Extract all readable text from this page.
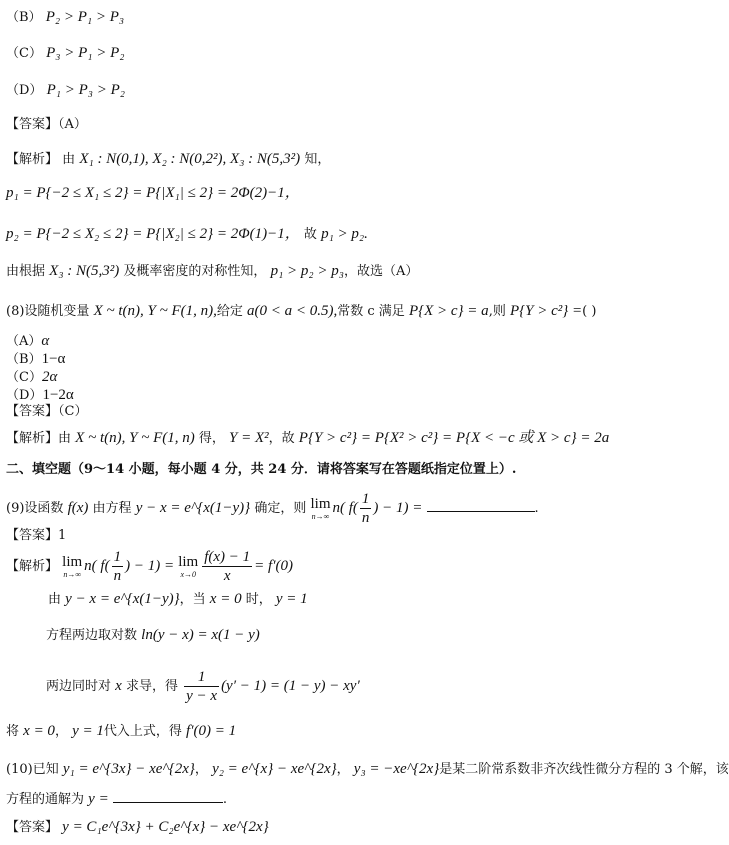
（B） P₂ > P₁ > P₃
（C） P₃ > P₁ > P₂
（D） P₁ > P₃ > P₂
【答案】（A）
【解析】 由 X₁ : N(0,1), X₂ : N(0,2²), X₃ : N(5,3²) 知，
p₁ = P{−2 ≤ X₁ ≤ 2} = P{|X₁| ≤ 2} = 2Φ(2)−1，
p₂ = P{−2 ≤ X₂ ≤ 2} = P{|X₂| ≤ 2} = 2Φ(1)−1， 故 p₁ > p₂.
由根据 X₃ : N(5,3²) 及概率密度的对称性知， p₁ > p₂ > p₃，故选（A）
(8)设随机变量 X ~ t(n), Y ~ F(1, n),给定 a(0 < a < 0.5),常数 c 满足 P{X > c} = a,则 P{Y > c²} =( )
（A）α
（B）1−α
（C）2α
（D）1−2α
【答案】（C）
【解析】由 X ~ t(n), Y ~ F(1, n) 得， Y = X²，故 P{Y > c²} = P{X² > c²} = P{X < −c 或 X > c} = 2a
二、填空题（9～14 小题，每小题 4 分，共 24 分．请将答案写在答题纸指定位置上）.
(9)设函数 f(x) 由方程 y − x = e^{x(1−y)} 确定，则 lim
n→∞
n( $f( \frac{1}{n}$ ) − 1) =	.
【答案】1
【解析】 lim
n→∞
n( $f( \frac{1}{n}$ ) − 1) = lim
$x\to 0 \frac{f(x) - 1}{x} = f'(0)$
由 y − x = e^{x(1−y)}，当 x = 0 时， y = 1
方程两边取对数 ln(y − x) = x(1 − y)
两边同时对 x 求导，得 $\frac{1}{y - x} (y' - 1) = (1 - y) - xy'$
将 x = 0， y = 1代入上式，得 f′(0) = 1
(10)已知 y₁ = e^{3x} − xe^{2x}， y₂ = e^{x} − xe^{2x}， y₃ = −xe^{2x}是某二阶常系数非齐次线性微分方程的 3 个解，该
方程的通解为 y =	.
【答案】 y = C₁e^{3x} + C₂e^{x} − xe^{2x}
